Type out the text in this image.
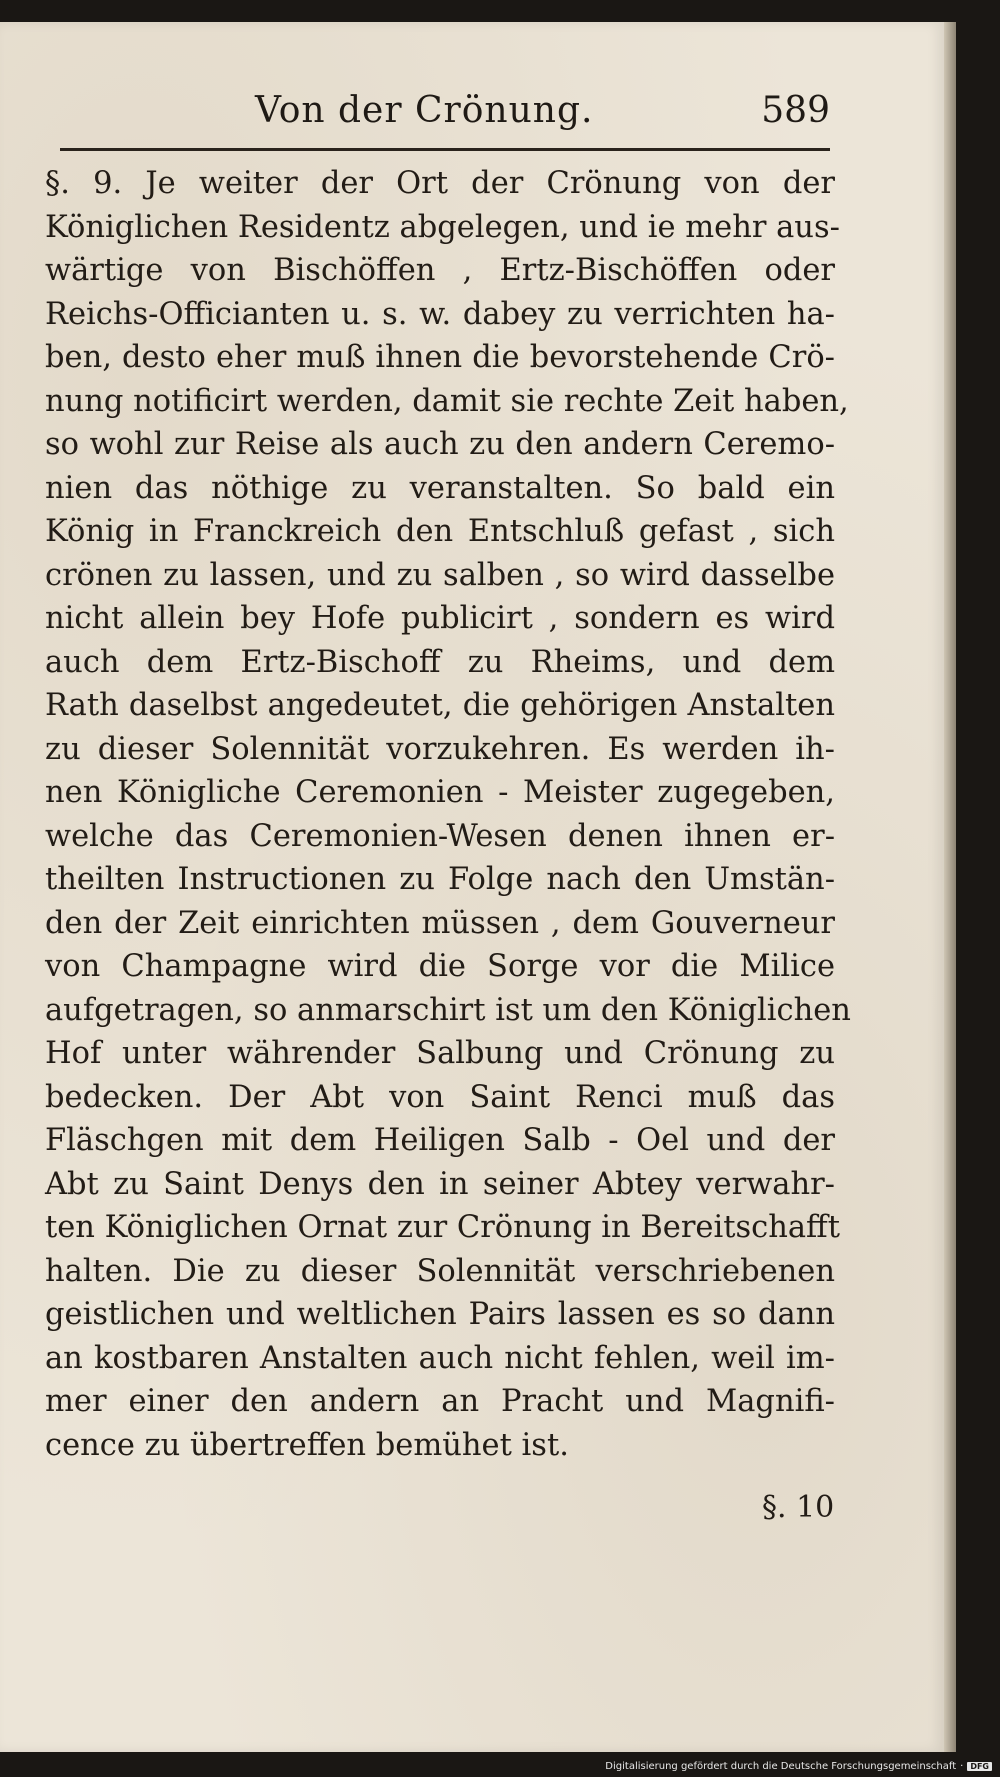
Von der Crönung.	589
§. 9. Je weiter der Ort der Crönung von der
Königlichen Residentz abgelegen, und ie mehr aus-
wärtige von Bischöffen , Ertz-Bischöffen oder
Reichs-Officianten u. s. w. dabey zu verrichten ha-
ben, desto eher muß ihnen die bevorstehende Crö-
nung notificirt werden, damit sie rechte Zeit haben,
so wohl zur Reise als auch zu den andern Ceremo-
nien das nöthige zu veranstalten. So bald ein
König in Franckreich den Entschluß gefast , sich
crönen zu lassen, und zu salben , so wird dasselbe
nicht allein bey Hofe publicirt , sondern es wird
auch dem Ertz-Bischoff zu Rheims, und dem
Rath daselbst angedeutet, die gehörigen Anstalten
zu dieser Solennität vorzukehren. Es werden ih-
nen Königliche Ceremonien - Meister zugegeben,
welche das Ceremonien-Wesen denen ihnen er-
theilten Instructionen zu Folge nach den Umstän-
den der Zeit einrichten müssen , dem Gouverneur
von Champagne wird die Sorge vor die Milice
aufgetragen, so anmarschirt ist um den Königlichen
Hof unter währender Salbung und Crönung zu
bedecken. Der Abt von Saint Renci muß das
Fläschgen mit dem Heiligen Salb - Oel und der
Abt zu Saint Denys den in seiner Abtey verwahr-
ten Königlichen Ornat zur Crönung in Bereitschafft
halten. Die zu dieser Solennität verschriebenen
geistlichen und weltlichen Pairs lassen es so dann
an kostbaren Anstalten auch nicht fehlen, weil im-
mer einer den andern an Pracht und Magnifi-
cence zu übertreffen bemühet ist.
§. 10
Digitalisierung gefördert durch die Deutsche Forschungsgemeinschaft · DFG
